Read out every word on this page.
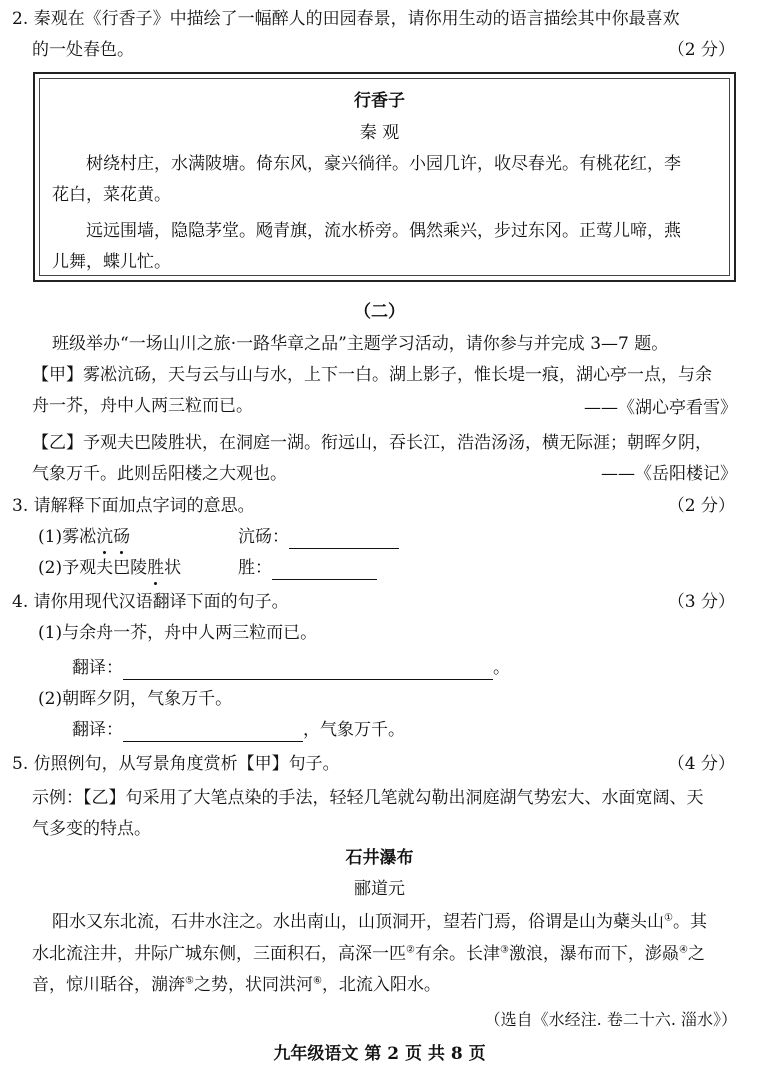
2. 秦观在《行香子》中描绘了一幅醉人的田园春景，请你用生动的语言描绘其中你最喜欢
的一处春色。	（2 分）
行香子
秦 观
树绕村庄，水满陂塘。倚东风，豪兴徜徉。小园几许，收尽春光。有桃花红，李
花白，菜花黄。
远远围墙，隐隐茅堂。飏青旗，流水桥旁。偶然乘兴，步过东冈。正莺儿啼，燕
儿舞，蝶儿忙。
（二）
班级举办“一场山川之旅·一路华章之品”主题学习活动，请你参与并完成 3—7 题。
【甲】雾凇沆砀，天与云与山与水，上下一白。湖上影子，惟长堤一痕，湖心亭一点，与余
舟一芥，舟中人两三粒而已。	——《湖心亭看雪》
【乙】予观夫巴陵胜状，在洞庭一湖。衔远山，吞长江，浩浩汤汤，横无际涯；朝晖夕阴，
气象万千。此则岳阳楼之大观也。	——《岳阳楼记》
3. 请解释下面加点字词的意思。	（2 分）
(1)雾凇沆砀	沆砀：
(2)予观夫巴陵胜状	胜：
4. 请你用现代汉语翻译下面的句子。	（3 分）
(1)与余舟一芥，舟中人两三粒而已。
翻译：	。
(2)朝晖夕阴，气象万千。
翻译：	，气象万千。
5. 仿照例句，从写景角度赏析【甲】句子。	（4 分）
示例：【乙】句采用了大笔点染的手法，轻轻几笔就勾勒出洞庭湖气势宏大、水面宽阔、天
气多变的特点。
石井瀑布
郦道元
阳水又东北流，石井水注之。水出南山，山顶洞开，望若门焉，俗谓是山为蘗头山①。其
水北流注井，井际广城东侧，三面积石，高深一匹②有余。长津③激浪，瀑布而下，澎赑④之
音，惊川聒谷，漰渀⑤之势，状同洪河⑥，北流入阳水。
（选自《水经注. 卷二十六. 淄水》）
九年级语文 第 2 页 共 8 页
